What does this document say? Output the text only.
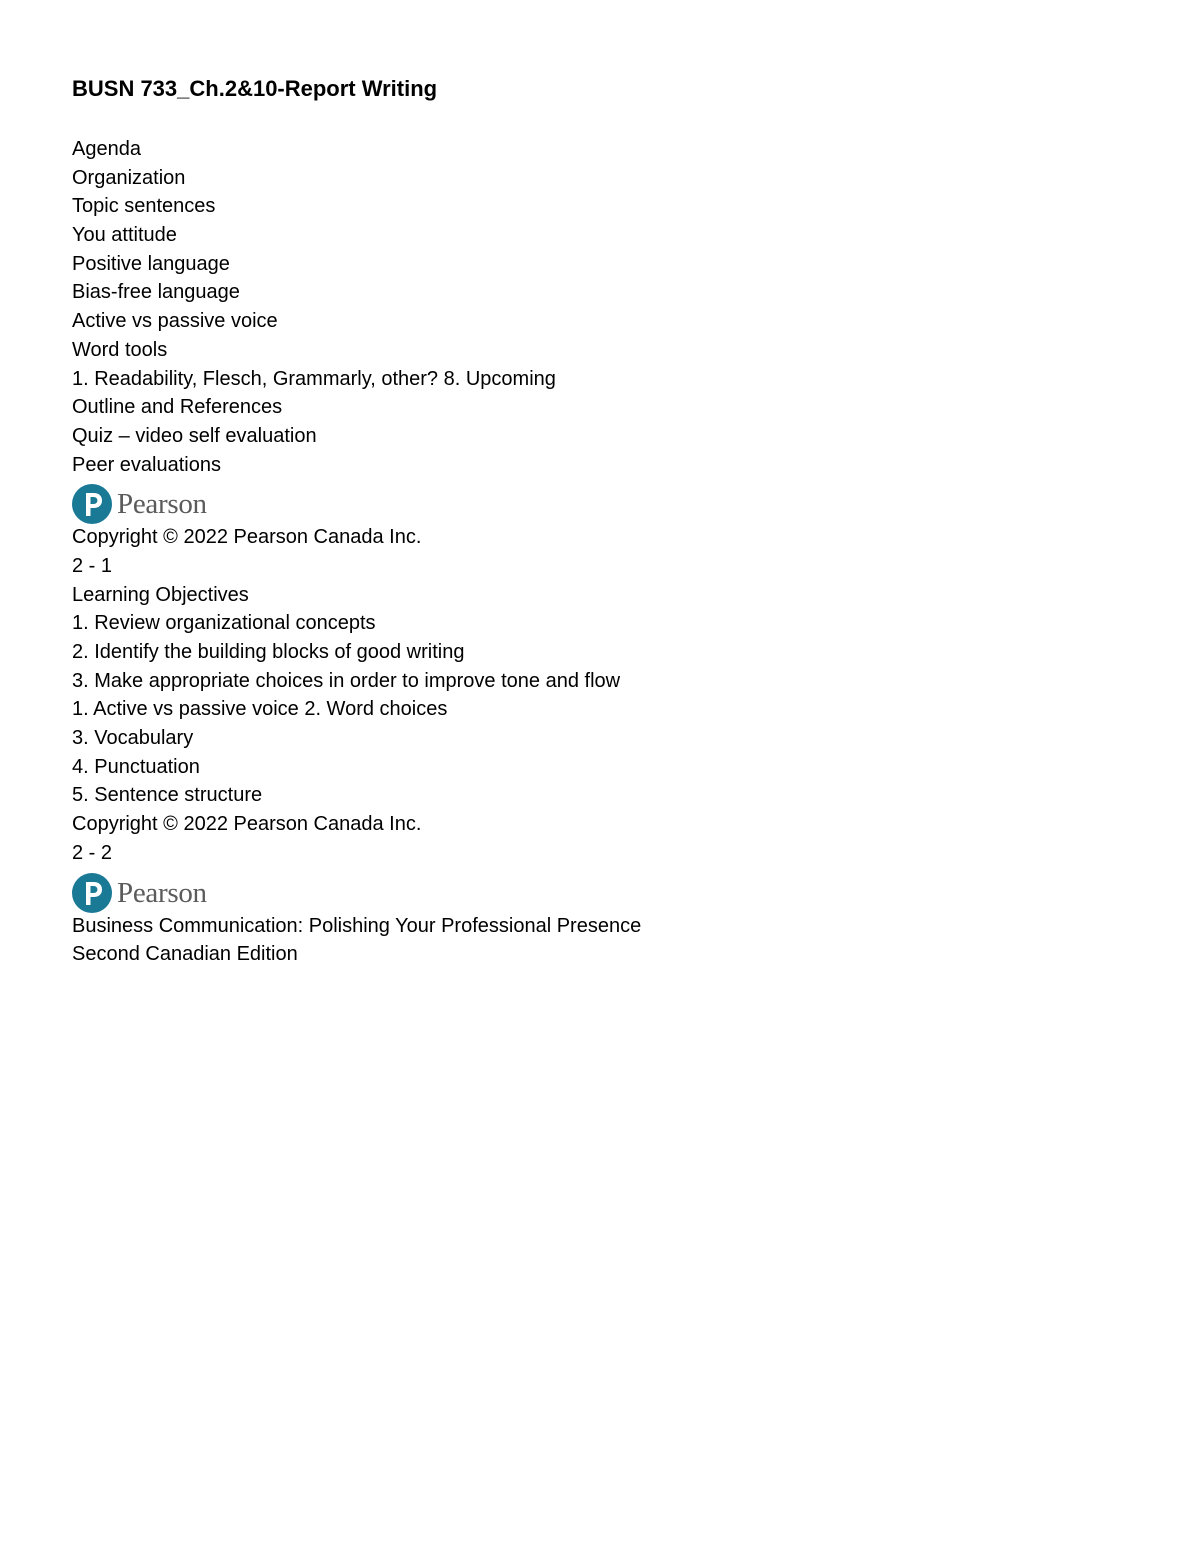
BUSN 733_Ch.2&10-Report Writing
Agenda
Organization
Topic sentences
You attitude
Positive language
Bias-free language
Active vs passive voice
Word tools
1. Readability, Flesch, Grammarly, other? 8. Upcoming
Outline and References
Quiz – video self evaluation
Peer evaluations
Pearson
Copyright © 2022 Pearson Canada Inc.
2 - 1
Learning Objectives
1. Review organizational concepts
2. Identify the building blocks of good writing
3. Make appropriate choices in order to improve tone and flow
1. Active vs passive voice 2. Word choices
3. Vocabulary
4. Punctuation
5. Sentence structure
Copyright © 2022 Pearson Canada Inc.
2 - 2
Pearson
Business Communication: Polishing Your Professional Presence
Second Canadian Edition
